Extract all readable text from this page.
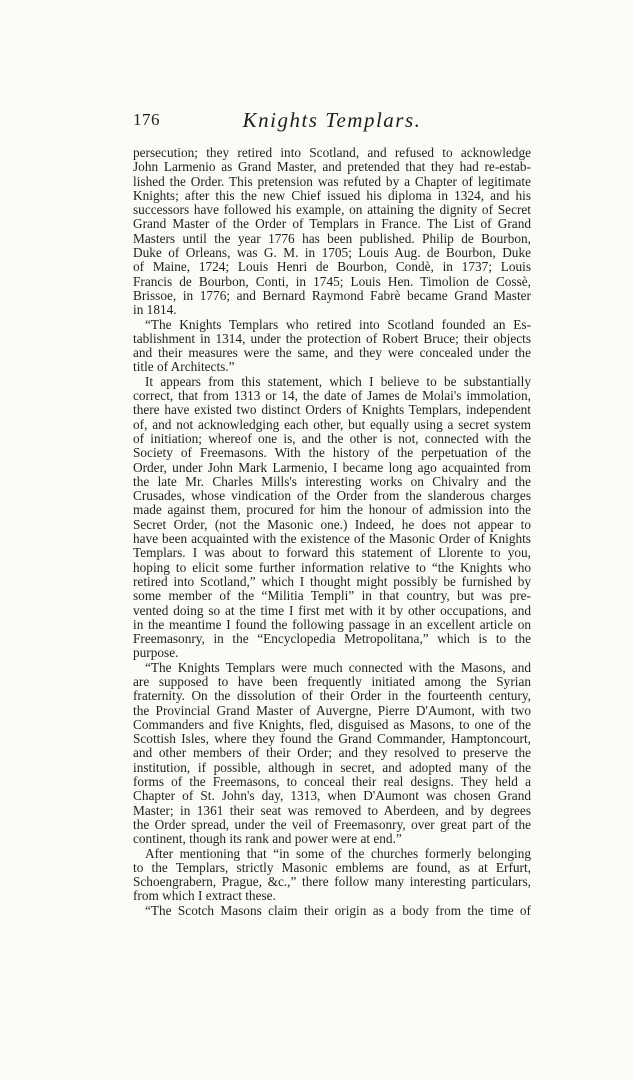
176	Knights Templars.
persecution; they retired into Scotland, and refused to acknowledge
John Larmenio as Grand Master, and pretended that they had re-estab-
lished the Order. This pretension was refuted by a Chapter of legitimate
Knights; after this the new Chief issued his diploma in 1324, and his
successors have followed his example, on attaining the dignity of Secret
Grand Master of the Order of Templars in France. The List of Grand
Masters until the year 1776 has been published. Philip de Bourbon,
Duke of Orleans, was G. M. in 1705; Louis Aug. de Bourbon, Duke
of Maine, 1724; Louis Henri de Bourbon, Condè, in 1737; Louis
Francis de Bourbon, Conti, in 1745; Louis Hen. Timolion de Cossè,
Brissoe, in 1776; and Bernard Raymond Fabrè became Grand Master
in 1814.
“The Knights Templars who retired into Scotland founded an Es-
tablishment in 1314, under the protection of Robert Bruce; their objects
and their measures were the same, and they were concealed under the
title of Architects.”
It appears from this statement, which I believe to be substantially
correct, that from 1313 or 14, the date of James de Molai's immolation,
there have existed two distinct Orders of Knights Templars, independent
of, and not acknowledging each other, but equally using a secret system
of initiation; whereof one is, and the other is not, connected with the
Society of Freemasons. With the history of the perpetuation of the
Order, under John Mark Larmenio, I became long ago acquainted from
the late Mr. Charles Mills's interesting works on Chivalry and the
Crusades, whose vindication of the Order from the slanderous charges
made against them, procured for him the honour of admission into the
Secret Order, (not the Masonic one.) Indeed, he does not appear to
have been acquainted with the existence of the Masonic Order of Knights
Templars. I was about to forward this statement of Llorente to you,
hoping to elicit some further information relative to “the Knights who
retired into Scotland,” which I thought might possibly be furnished by
some member of the “Militia Templi” in that country, but was pre-
vented doing so at the time I first met with it by other occupations, and
in the meantime I found the following passage in an excellent article on
Freemasonry, in the “Encyclopedia Metropolitana,” which is to the
purpose.
“The Knights Templars were much connected with the Masons, and
are supposed to have been frequently initiated among the Syrian
fraternity. On the dissolution of their Order in the fourteenth century,
the Provincial Grand Master of Auvergne, Pierre D'Aumont, with two
Commanders and five Knights, fled, disguised as Masons, to one of the
Scottish Isles, where they found the Grand Commander, Hamptoncourt,
and other members of their Order; and they resolved to preserve the
institution, if possible, although in secret, and adopted many of the
forms of the Freemasons, to conceal their real designs. They held a
Chapter of St. John's day, 1313, when D'Aumont was chosen Grand
Master; in 1361 their seat was removed to Aberdeen, and by degrees
the Order spread, under the veil of Freemasonry, over great part of the
continent, though its rank and power were at end.”
After mentioning that “in some of the churches formerly belonging
to the Templars, strictly Masonic emblems are found, as at Erfurt,
Schoengrabern, Prague, &c.,” there follow many interesting particulars,
from which I extract these.
“The Scotch Masons claim their origin as a body from the time of
